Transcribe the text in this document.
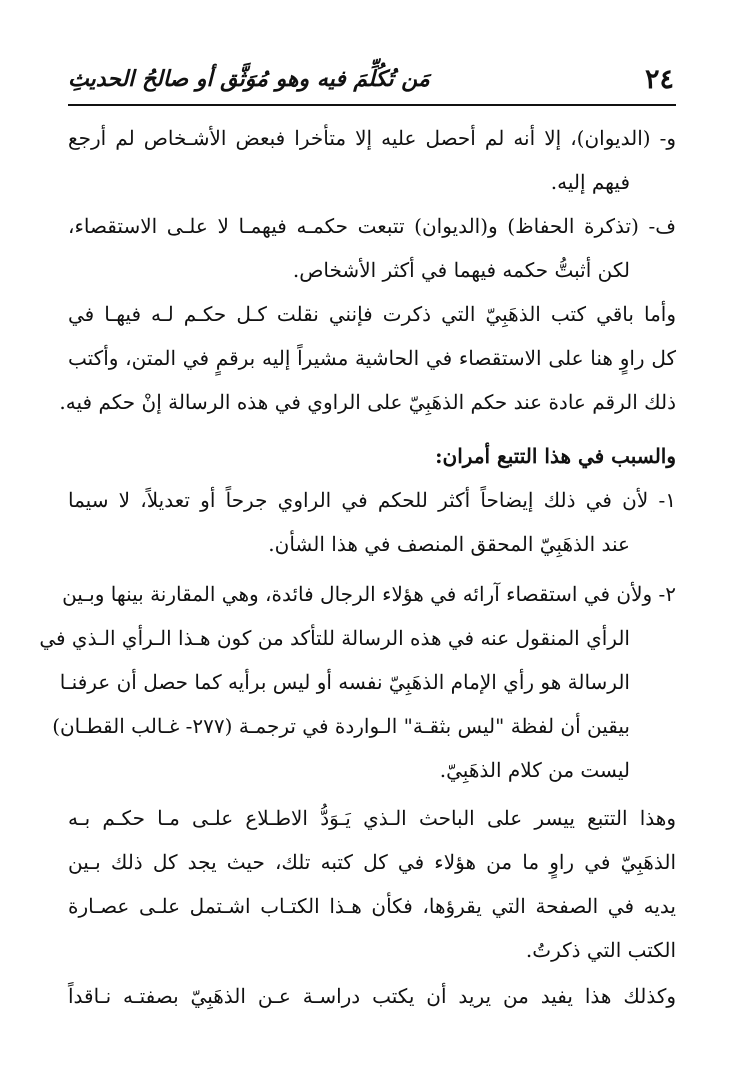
٢٤
مَن تُكُلِّمَ فيه وهو مُوَثَّق أو صالحُ الحديثِ
و- (الديوان)، إلا أنه لم أحصل عليه إلا متأخرا فبعض الأشـخاص لم أرجع
فيهم إليه.
ف- (تذكرة الحفاظ) و(الديوان) تتبعت حكمـه فيهمـا لا علـى الاستقصاء،
لكن أثبتُّ حكمه فيهما في أكثر الأشخاص.
وأما باقي كتب الذهَبِيّ التي ذكرت فإنني نقلت كـل حكـم لـه فيهـا في
كل راوٍ هنا على الاستقصاء في الحاشية مشيراً إليه برقمٍ في المتن، وأكتب
ذلك الرقم عادة عند حكم الذهَبِيّ على الراوي في هذه الرسالة إنْ حكم فيه.
والسبب في هذا التتبع أمران:
١- لأن في ذلك إيضاحاً أكثر للحكم في الراوي جرحاً أو تعديلاً، لا سيما
عند الذهَبِيّ المحقق المنصف في هذا الشأن.
٢- ولأن في استقصاء آرائه في هؤلاء الرجال فائدة، وهي المقارنة بينها وبـين
الرأي المنقول عنه في هذه الرسالة للتأكد من كون هـذا الـرأي الـذي في
الرسالة هو رأي الإمام الذهَبِيّ نفسه أو ليس برأيه كما حصل أن عرفنـا
بيقين أن لفظة "ليس بثقـة" الـواردة في ترجمـة (٢٧٧- غـالب القطـان)
ليست من كلام الذهَبِيّ.
وهذا التتبع ييسر على الباحث الـذي يَـوَدُّ الاطـلاع علـى مـا حكـم بـه
الذهَبِيّ في راوٍ ما من هؤلاء في كل كتبه تلك، حيث يجد كل ذلك بـين
يديه في الصفحة التي يقرؤها، فكأن هـذا الكتـاب اشـتمل علـى عصـارة
الكتب التي ذكرتُ.
وكذلك هذا يفيد من يريد أن يكتب دراسـة عـن الذهَبِيّ بصفتـه نـاقداً
